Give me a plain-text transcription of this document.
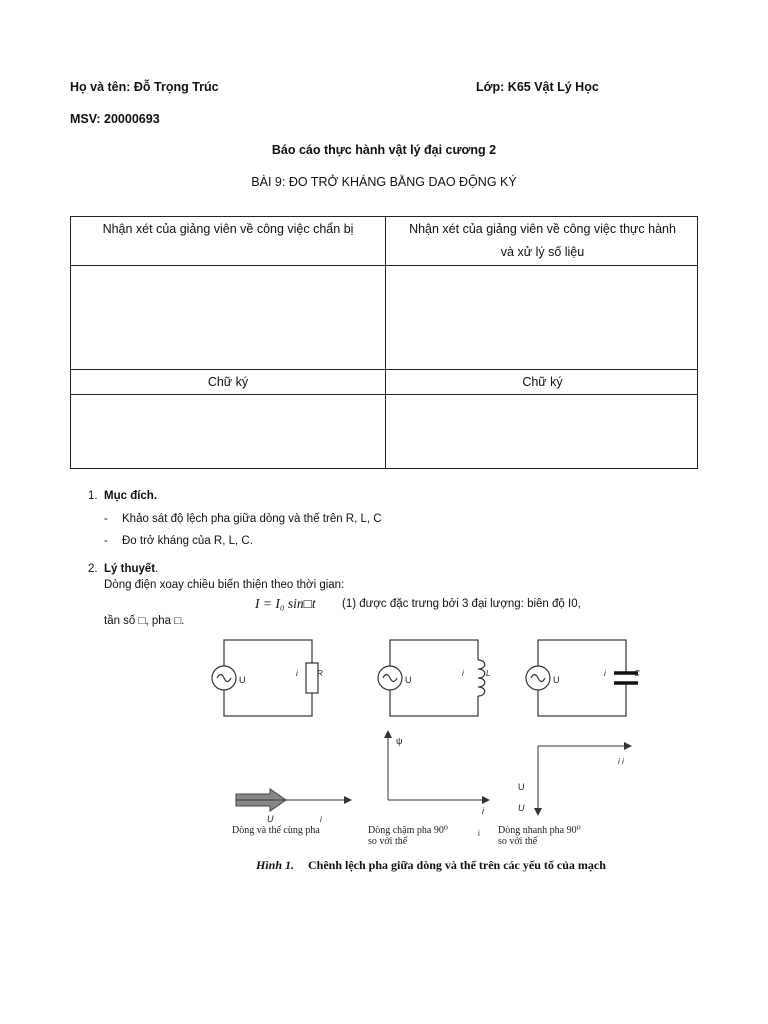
Họ và tên: Đỗ Trọng Trúc	Lớp: K65 Vật Lý Học
MSV: 20000693
Báo cáo thực hành vật lý đại cương 2
BÀI 9: ĐO TRỞ KHÁNG BẰNG DAO ĐỘNG KÝ
Nhận xét của giảng viên về công việc chẩn bị	Nhận xét của giảng viên về công việc thực hành
và xử lý số liệu
Chữ ký	Chữ ký
1. Mục đích.
- Khảo sát độ lệch pha giữa dòng và thế trên R, L, C
- Đo trở kháng của R, L, C.
2. Lý thuyết.
Dòng điện xoay chiều biến thiên theo thời gian:
I = I₀ sin□t (1) được đặc trưng bởi 3 đại lượng: biên độ I0,
tần số □, pha □.
U
i R
U
i	L
U
i	C
U	i
Dòng và thế cùng pha
ψ
i
Dòng chậm pha 90⁰
so với thế
i
i i
U
U
Dòng nhanh pha 90⁰
so với thế
Hình 1. Chênh lệch pha giữa dòng và thế trên các yếu tố của mạch
